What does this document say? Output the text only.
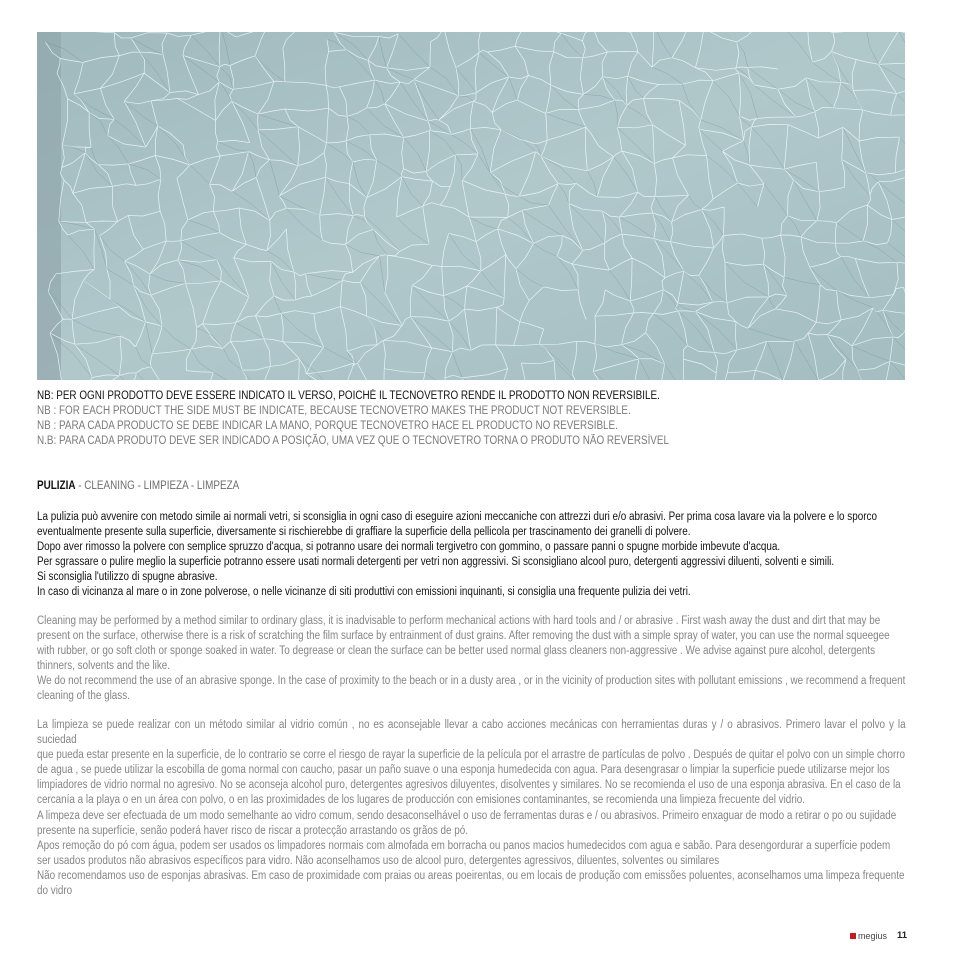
NB: PER OGNI PRODOTTO DEVE ESSERE INDICATO IL VERSO, POICHÉ IL TECNOVETRO RENDE IL PRODOTTO NON REVERSIBILE.

NB : FOR EACH PRODUCT THE SIDE MUST BE INDICATE, BECAUSE TECNOVETRO MAKES THE PRODUCT NOT REVERSIBLE.

NB : PARA CADA PRODUCTO SE DEBE INDICAR LA MANO, PORQUE TECNOVETRO HACE EL PRODUCTO NO REVERSIBLE.

N.B: PARA CADA PRODUTO DEVE SER INDICADO A POSIÇÃO, UMA VEZ QUE O TECNOVETRO TORNA O PRODUTO NÃO REVERSÍVEL

PULIZIA - CLEANING - LIMPIEZA - LIMPEZA

La pulizia può avvenire con metodo simile ai normali vetri, si sconsiglia in ogni caso di eseguire azioni meccaniche con attrezzi duri e/o abrasivi. Per prima cosa lavare via la polvere e lo sporco
eventualmente presente sulla superficie, diversamente si rischierebbe di graffiare la superficie della pellicola per trascinamento dei granelli di polvere.
Dopo aver rimosso la polvere con semplice spruzzo d'acqua, si potranno usare dei normali tergivetro con gommino, o passare panni o spugne morbide imbevute d'acqua.
Per sgrassare o pulire meglio la superficie potranno essere usati normali detergenti per vetri non aggressivi. Si sconsigliano alcool puro, detergenti aggressivi diluenti, solventi e simili.
Si sconsiglia l'utilizzo di spugne abrasive.
In caso di vicinanza al mare o in zone polverose, o nelle vicinanze di siti produttivi con emissioni inquinanti, si consiglia una frequente pulizia dei vetri.

Cleaning may be performed by a method similar to ordinary glass, it is inadvisable to perform mechanical actions with hard tools and / or abrasive . First wash away the dust and dirt that may be
present on the surface, otherwise there is a risk of scratching the film surface by entrainment of dust grains. After removing the dust with a simple spray of water, you can use the normal squeegee
with rubber, or go soft cloth or sponge soaked in water. To degrease or clean the surface can be better used normal glass cleaners non-aggressive . We advise against pure alcohol, detergents
thinners, solvents and the like.
We do not recommend the use of an abrasive sponge. In the case of proximity to the beach or in a dusty area , or in the vicinity of production sites with pollutant emissions , we recommend a frequent
cleaning of the glass.

La limpieza se puede realizar con un método similar al vidrio común , no es aconsejable llevar a cabo acciones mecánicas con herramientas duras y / o abrasivos. Primero lavar el polvo y la suciedad
que pueda estar presente en la superficie, de lo contrario se corre el riesgo de rayar la superficie de la película por el arrastre de partículas de polvo . Después de quitar el polvo con un simple chorro
de agua , se puede utilizar la escobilla de goma normal con caucho, pasar un paño suave o una esponja humedecida con agua. Para desengrasar o limpiar la superficie puede utilizarse mejor los
limpiadores de vidrio normal no agresivo. No se aconseja alcohol puro, detergentes agresivos diluyentes, disolventes y similares. No se recomienda el uso de una esponja abrasiva. En el caso de la
cercanía a la playa o en un área con polvo, o en las proximidades de los lugares de producción con emisiones contaminantes, se recomienda una limpieza frecuente del vidrio.

A limpeza deve ser efectuada de um modo semelhante ao vidro comum, sendo desaconselhável o uso de ferramentas duras e / ou abrasivos. Primeiro enxaguar de modo a retirar o po ou sujidade
presente na superfície, senão poderá haver risco de riscar a protecção arrastando os grãos de pó.
Apos remoção do pó com água, podem ser usados os limpadores normais com almofada em borracha ou panos macios humedecidos com agua e sabão. Para desengordurar a superfície podem
ser usados produtos não abrasivos específicos para vidro. Não aconselhamos uso de alcool puro, detergentes agressivos, diluentes, solventes ou similares
Não recomendamos uso de esponjas abrasivas. Em caso de proximidade com praias ou areas poeirentas, ou em locais de produção com emissões poluentes, aconselhamos uma limpeza frequente
do vidro

megius 11
